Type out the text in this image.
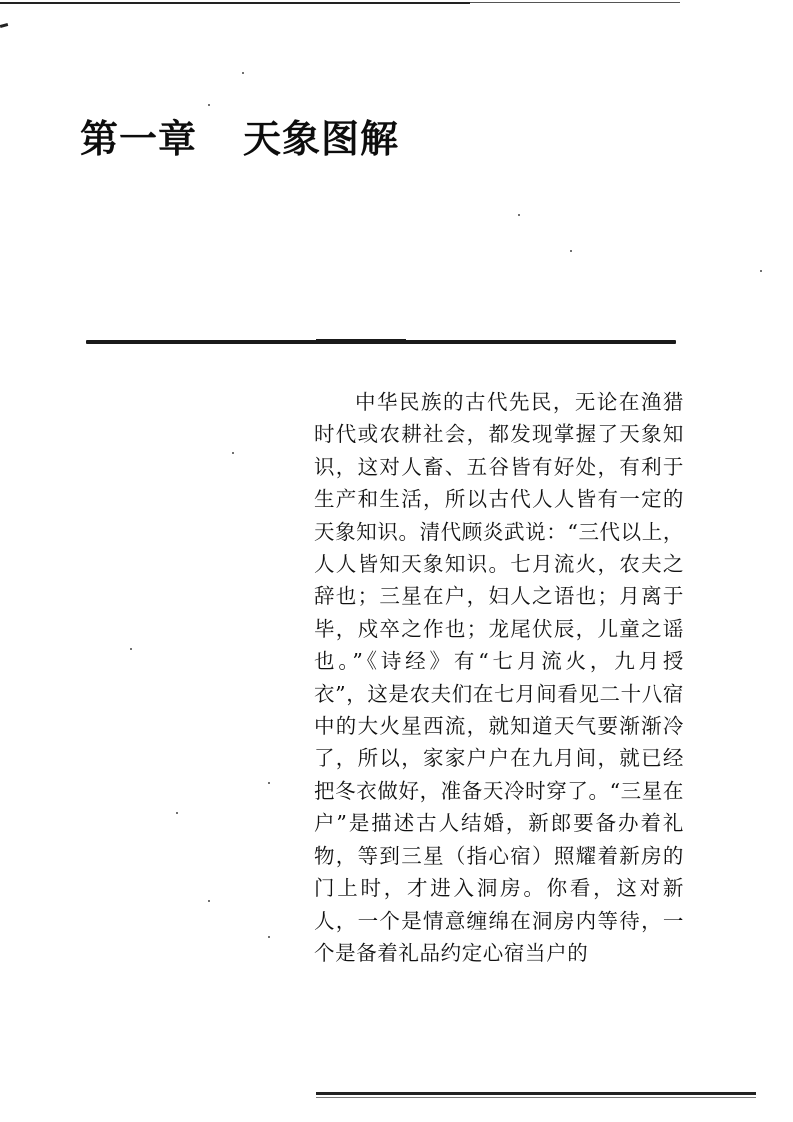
第一章 天象图解

中华民族的古代先民，无论在渔猎时代或农耕社会，都发现掌握了天象知识，这对人畜、五谷皆有好处，有利于生产和生活，所以古代人人皆有一定的天象知识。清代顾炎武说：“三代以上，人人皆知天象知识。七月流火，农夫之辞也；三星在户，妇人之语也；月离于毕，戍卒之作也；龙尾伏辰，儿童之谣也。”《诗经》有“七月流火，九月授衣”，这是农夫们在七月间看见二十八宿中的大火星西流，就知道天气要渐渐冷了，所以，家家户户在九月间，就已经把冬衣做好，准备天冷时穿了。“三星在户”是描述古人结婚，新郎要备办着礼物，等到三星（指心宿）照耀着新房的门上时，才进入洞房。你看，这对新人，一个是情意缠绵在洞房内等待，一个是备着礼品约定心宿当户的
